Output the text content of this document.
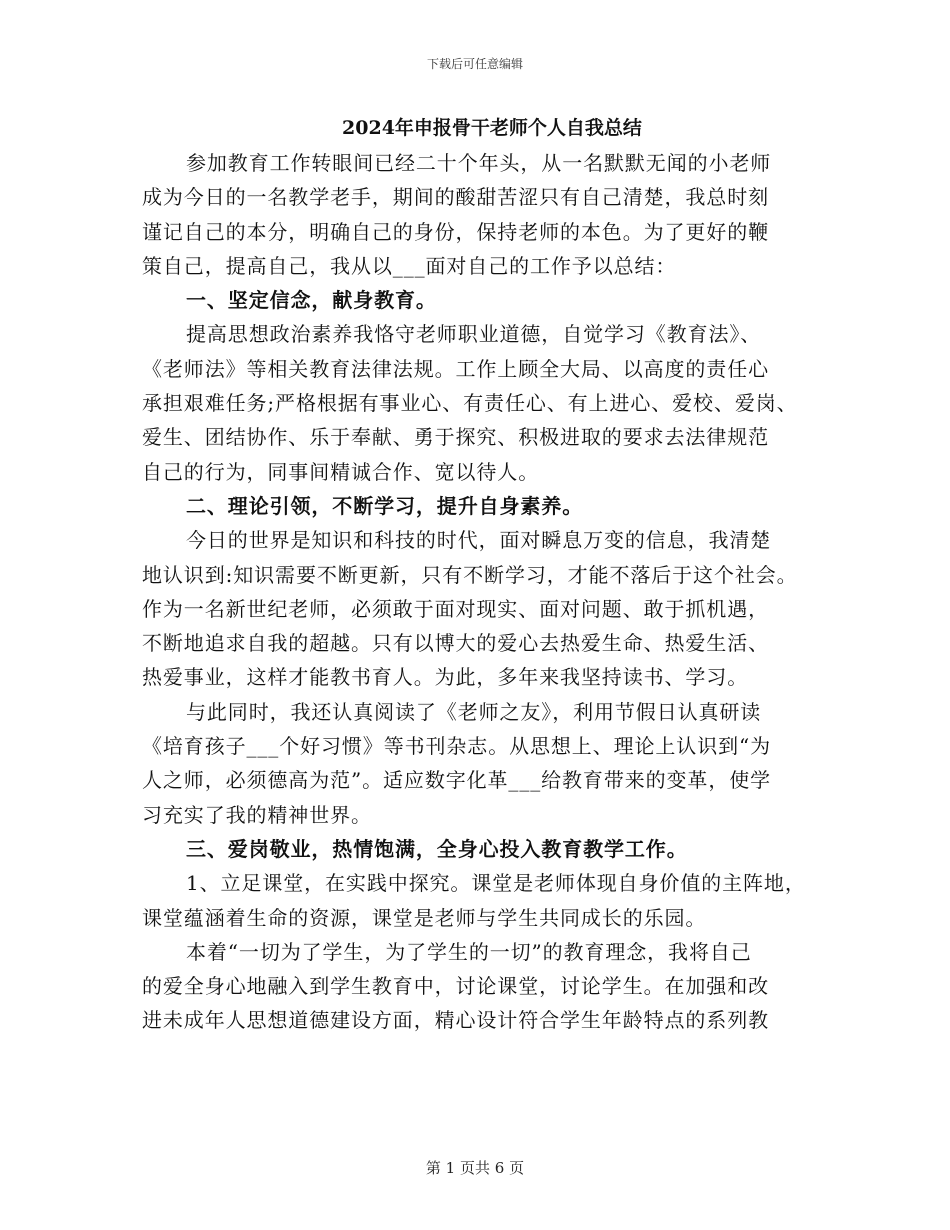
下载后可任意编辑
2024年申报骨干老师个人自我总结
参加教育工作转眼间已经二十个年头，从一名默默无闻的小老师
成为今日的一名教学老手，期间的酸甜苦涩只有自己清楚，我总时刻
谨记自己的本分，明确自己的身份，保持老师的本色。为了更好的鞭
策自己，提高自己，我从以___面对自己的工作予以总结：
一、坚定信念，献身教育。
提高思想政治素养我恪守老师职业道德，自觉学习《教育法》、
《老师法》等相关教育法律法规。工作上顾全大局、以高度的责任心
承担艰难任务;严格根据有事业心、有责任心、有上进心、爱校、爱岗、
爱生、团结协作、乐于奉献、勇于探究、积极进取的要求去法律规范
自己的行为，同事间精诚合作、宽以待人。
二、理论引领，不断学习，提升自身素养。
今日的世界是知识和科技的时代，面对瞬息万变的信息，我清楚
地认识到:知识需要不断更新，只有不断学习，才能不落后于这个社会。
作为一名新世纪老师，必须敢于面对现实、面对问题、敢于抓机遇，
不断地追求自我的超越。只有以博大的爱心去热爱生命、热爱生活、
热爱事业，这样才能教书育人。为此，多年来我坚持读书、学习。
与此同时，我还认真阅读了《老师之友》，利用节假日认真研读
《培育孩子___个好习惯》等书刊杂志。从思想上、理论上认识到“为
人之师，必须德高为范”。适应数字化革___给教育带来的变革，使学
习充实了我的精神世界。
三、爱岗敬业，热情饱满，全身心投入教育教学工作。
1、立足课堂，在实践中探究。课堂是老师体现自身价值的主阵地，
课堂蕴涵着生命的资源，课堂是老师与学生共同成长的乐园。
本着“一切为了学生，为了学生的一切”的教育理念，我将自己
的爱全身心地融入到学生教育中，讨论课堂，讨论学生。在加强和改
进未成年人思想道德建设方面，精心设计符合学生年龄特点的系列教
第 1 页共 6 页
